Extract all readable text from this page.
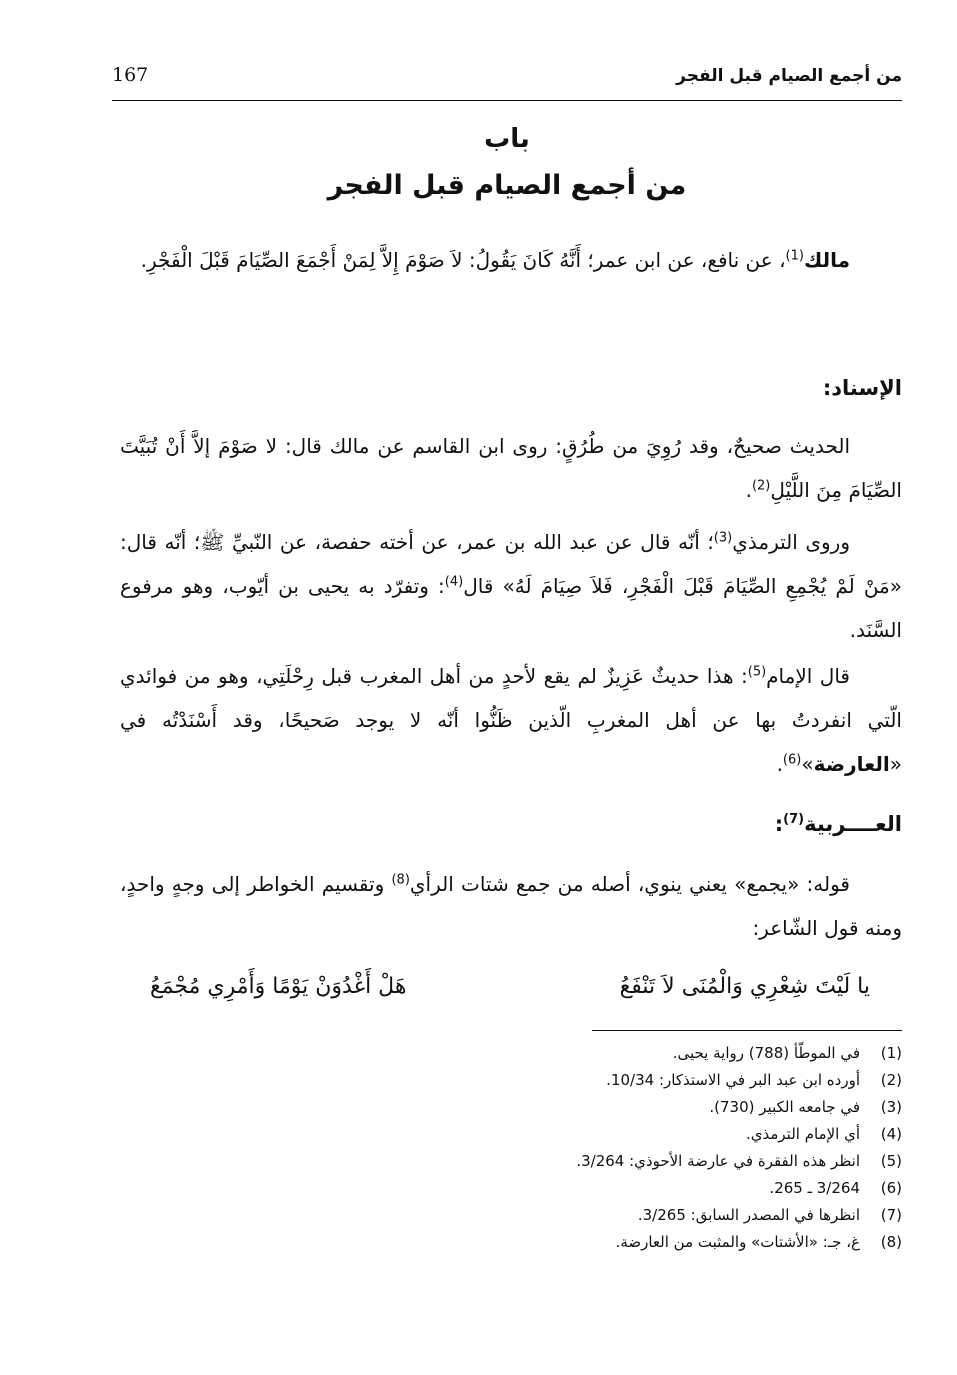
من أجمع الصيام قبل الفجر
167
باب
من أجمع الصيام قبل الفجر

مالك$^{(1)}$، عن نافع، عن ابن عمر؛ أَنَّهُ كَانَ يَقُولُ: لاَ صَوْمَ إِلاَّ لِمَنْ أَجْمَعَ الصِّيَامَ قَبْلَ الْفَجْرِ.

الإسناد:

الحديث صحيحٌ، وقد رُوِيَ من طُرُقٍ: روى ابن القاسم عن مالك قال: لا صَوْمَ إلاَّ أَنْ تُبَيَّتَ الصِّيَامَ مِنَ اللَّيْلِ$^{(2)}$.

وروى الترمذي$^{(3)}$؛ أنّه قال عن عبد الله بن عمر، عن أخته حفصة، عن النّبيِّ ﷺ؛ أنّه قال: «مَنْ لَمْ يُجْمِعِ الصِّيَامَ قَبْلَ الْفَجْرِ، فَلاَ صِيَامَ لَهُ» قال$^{(4)}$: وتفرّد به يحيى بن أيّوب، وهو مرفوع السَّنَد.

قال الإمام$^{(5)}$: هذا حديثٌ عَزِيزٌ لم يقع لأحدٍ من أهل المغرب قبل رِحْلَتِي، وهو من فوائدي الّتي انفردتُ بها عن أهل المغربِ الّذين ظَنُّوا أنّه لا يوجد صَحيحًا، وقد أَسْنَدْتُه في «العارضة»$^{(6)}$.

العــــربية$^{(7)}$:

قوله: «يجمع» يعني ينوي، أصله من جمع شتات الرأي$^{(8)}$ وتقسيم الخواطر إلى وجهٍ واحدٍ، ومنه قول الشّاعر:

يا لَيْتَ شِعْرِي وَالْمُنَى لاَ تَنْفَعُ
هَلْ أَغْدُوَنْ يَوْمًا وَأَمْرِي مُجْمَعُ
(1)في الموطّأ (788) رواية يحيى.
(2)أورده ابن عبد البر في الاستذكار: 10/34.
(3)في جامعه الكبير (730).
(4)أي الإمام الترمذي.
(5)انظر هذه الفقرة في عارضة الأحوذي: 3/264.
(6)3/264 ـ 265.
(7)انظرها في المصدر السابق: 3/265.
(8)غ، جـ: «الأشتات» والمثبت من العارضة.
